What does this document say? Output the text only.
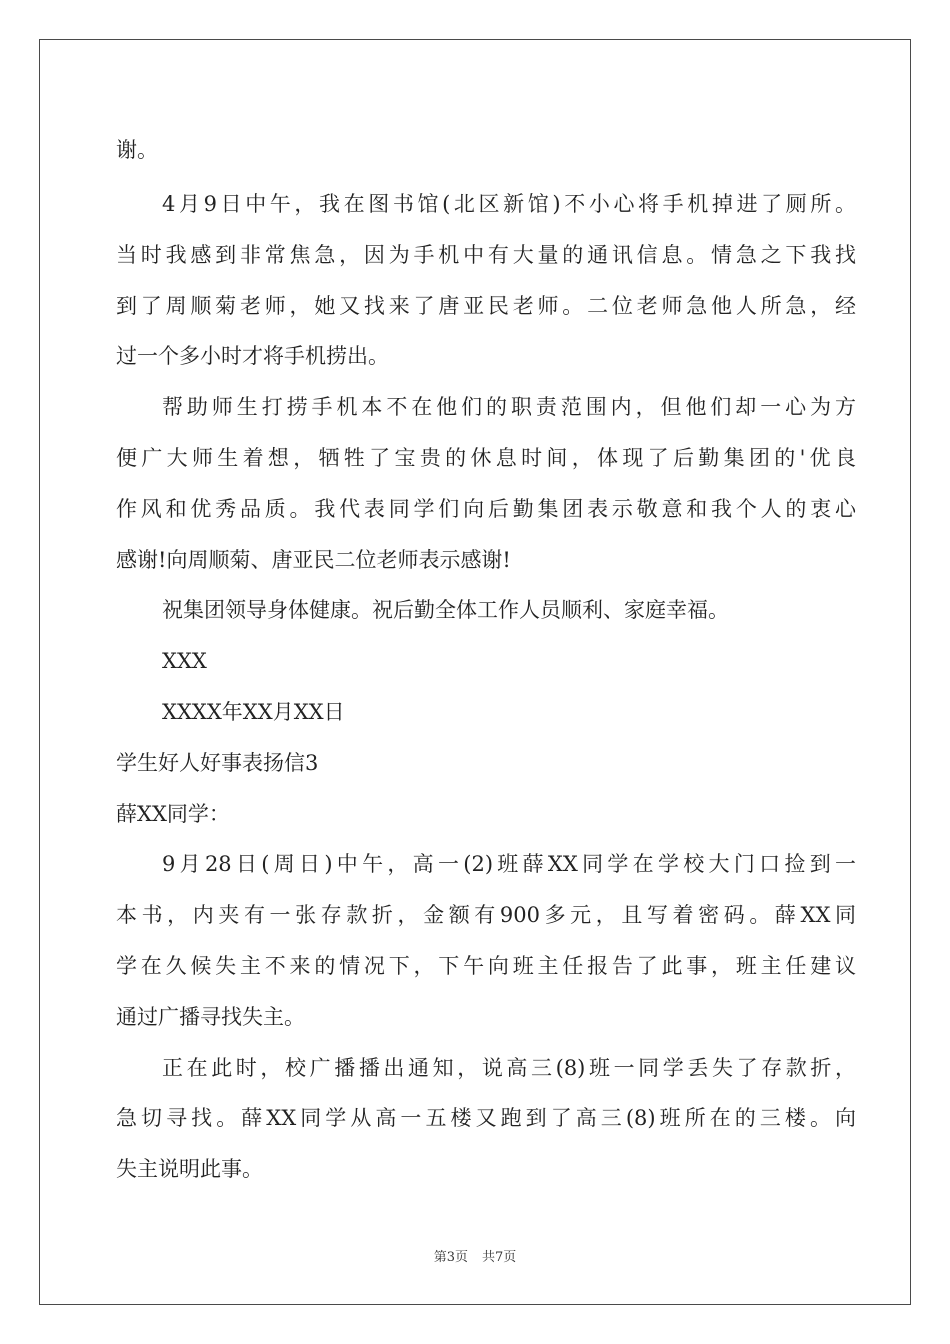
谢。
4月9日中午，我在图书馆(北区新馆)不小心将手机掉进了厕所。
当时我感到非常焦急，因为手机中有大量的通讯信息。情急之下我找
到了周顺菊老师，她又找来了唐亚民老师。二位老师急他人所急，经
过一个多小时才将手机捞出。
帮助师生打捞手机本不在他们的职责范围内，但他们却一心为方
便广大师生着想，牺牲了宝贵的休息时间，体现了后勤集团的'优良
作风和优秀品质。我代表同学们向后勤集团表示敬意和我个人的衷心
感谢!向周顺菊、唐亚民二位老师表示感谢!
祝集团领导身体健康。祝后勤全体工作人员顺利、家庭幸福。
XXX
XXXX年XX月XX日
学生好人好事表扬信3
薛XX同学：
9月28日(周日)中午，高一(2)班薛XX同学在学校大门口捡到一
本书，内夹有一张存款折，金额有900多元，且写着密码。薛XX同
学在久候失主不来的情况下，下午向班主任报告了此事，班主任建议
通过广播寻找失主。
正在此时，校广播播出通知，说高三(8)班一同学丢失了存款折，
急切寻找。薛XX同学从高一五楼又跑到了高三(8)班所在的三楼。向
失主说明此事。
第3页 共7页
